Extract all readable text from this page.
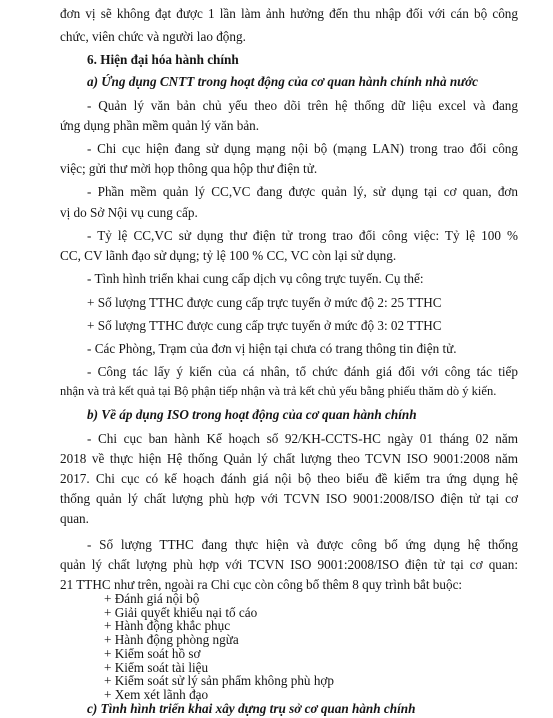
đơn vị sẽ không đạt được 1 lần làm ảnh hưởng đến thu nhập đối với cán bộ công
chức, viên chức và người lao động.
6. Hiện đại hóa hành chính
a) Ứng dụng CNTT trong hoạt động của cơ quan hành chính nhà nước
- Quản lý văn bản chủ yếu theo dõi trên hệ thống dữ liệu excel và đang
ứng dụng phần mềm quản lý văn bản.
- Chi cục hiện đang sử dụng mạng nội bộ (mạng LAN) trong trao đổi công
việc; gửi thư mời họp thông qua hộp thư điện tử.
- Phần mềm quản lý CC,VC đang được quản lý, sử dụng tại cơ quan, đơn
vị do Sở Nội vụ cung cấp.
- Tỷ lệ CC,VC sử dụng thư điện tử trong trao đổi công việc: Tỷ lệ 100 %
CC, CV lãnh đạo sử dụng; tỷ lệ 100 % CC, VC còn lại sử dụng.
- Tình hình triển khai cung cấp dịch vụ công trực tuyến. Cụ thể:
+ Số lượng TTHC được cung cấp trực tuyến ở mức độ 2: 25 TTHC
+ Số lượng TTHC được cung cấp trực tuyến ở mức độ 3: 02 TTHC
- Các Phòng, Trạm của đơn vị hiện tại chưa có trang thông tin điện tử.
- Công tác lấy ý kiến của cá nhân, tổ chức đánh giá đối với công tác tiếp
nhận và trả kết quả tại Bộ phận tiếp nhận và trả kết chủ yếu bằng phiếu thăm dò ý kiến.
b) Về áp dụng ISO trong hoạt động của cơ quan hành chính
- Chi cục ban hành Kế hoạch số 92/KH-CCTS-HC ngày 01 tháng 02 năm
2018 về thực hiện Hệ thống Quản lý chất lượng theo TCVN ISO 9001:2008 năm
2017. Chi cục có kế hoạch đánh giá nội bộ theo biểu đề kiểm tra ứng dụng hệ
thống quản lý chất lượng phù hợp với TCVN ISO 9001:2008/ISO điện tử tại cơ
quan.
- Số lượng TTHC đang thực hiện và được công bố ứng dụng hệ thống
quản lý chất lượng phù hợp với TCVN ISO 9001:2008/ISO điện tử tại cơ quan:
21 TTHC như trên, ngoài ra Chi cục còn công bố thêm 8 quy trình bắt buộc:
+ Đánh giá nội bộ
+ Giải quyết khiếu nại tố cáo
+ Hành động khắc phục
+ Hành động phòng ngừa
+ Kiểm soát hồ sơ
+ Kiểm soát tài liệu
+ Kiểm soát sử lý sản phẩm không phù hợp
+ Xem xét lãnh đạo
c) Tình hình triển khai xây dựng trụ sở cơ quan hành chính
